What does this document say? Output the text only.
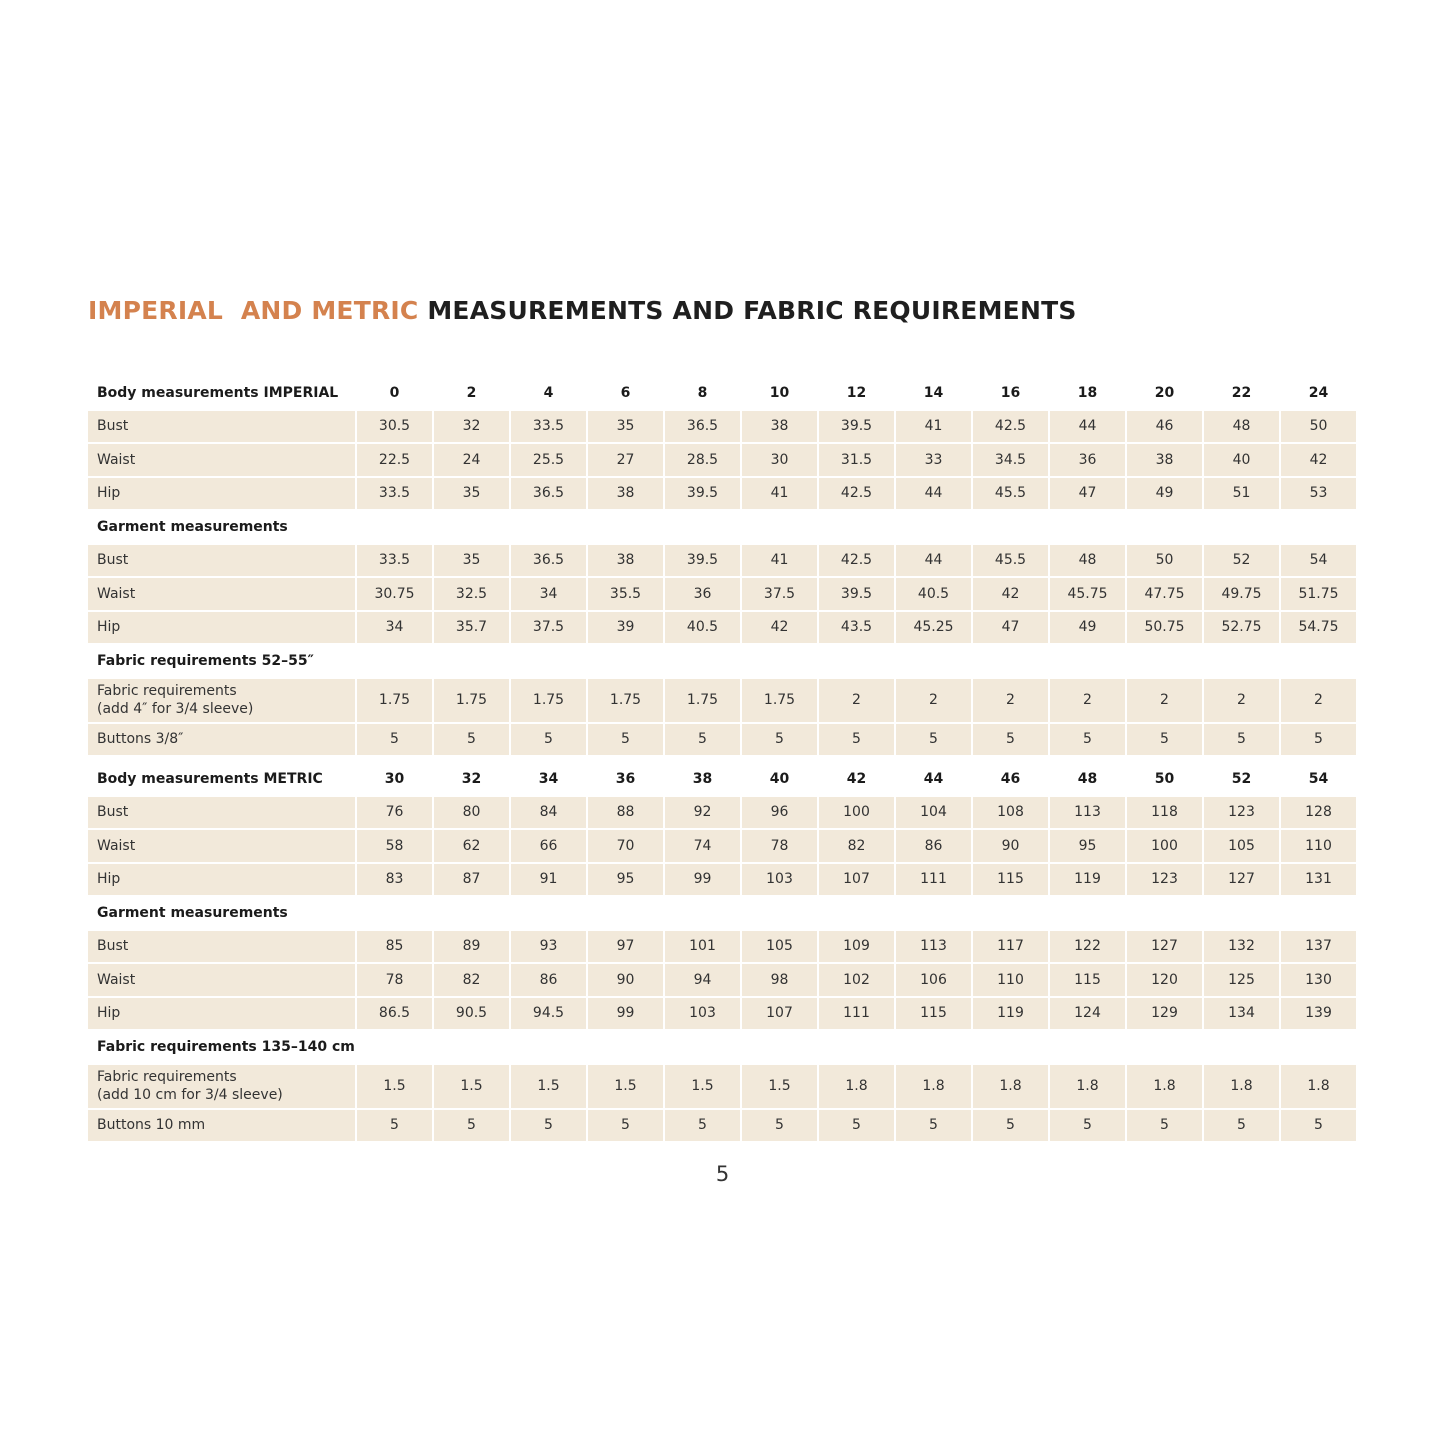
IMPERIAL  AND METRIC MEASUREMENTS AND FABRIC REQUIREMENTS
Body measurements IMPERIAL	0	2	4	6	8	10	12	14	16	18	20	22	24
Bust	30.5	32	33.5	35	36.5	38	39.5	41	42.5	44	46	48	50
Waist	22.5	24	25.5	27	28.5	30	31.5	33	34.5	36	38	40	42
Hip	33.5	35	36.5	38	39.5	41	42.5	44	45.5	47	49	51	53
Garment measurements													
Bust	33.5	35	36.5	38	39.5	41	42.5	44	45.5	48	50	52	54
Waist	30.75	32.5	34	35.5	36	37.5	39.5	40.5	42	45.75	47.75	49.75	51.75
Hip	34	35.7	37.5	39	40.5	42	43.5	45.25	47	49	50.75	52.75	54.75
Fabric requirements 52–55″													

Fabric requirements
(add 4″ for 3/4 sleeve)	1.75	1.75	1.75	1.75	1.75	1.75	2	2	2	2	2	2	2
Buttons 3/8″	5	5	5	5	5	5	5	5	5	5	5	5	5
Body measurements METRIC	30	32	34	36	38	40	42	44	46	48	50	52	54
Bust	76	80	84	88	92	96	100	104	108	113	118	123	128
Waist	58	62	66	70	74	78	82	86	90	95	100	105	110
Hip	83	87	91	95	99	103	107	111	115	119	123	127	131
Garment measurements													
Bust	85	89	93	97	101	105	109	113	117	122	127	132	137
Waist	78	82	86	90	94	98	102	106	110	115	120	125	130
Hip	86.5	90.5	94.5	99	103	107	111	115	119	124	129	134	139
Fabric requirements 135–140 cm													

Fabric requirements
(add 10 cm for 3/4 sleeve)	1.5	1.5	1.5	1.5	1.5	1.5	1.8	1.8	1.8	1.8	1.8	1.8	1.8
Buttons 10 mm	5	5	5	5	5	5	5	5	5	5	5	5	5
5
